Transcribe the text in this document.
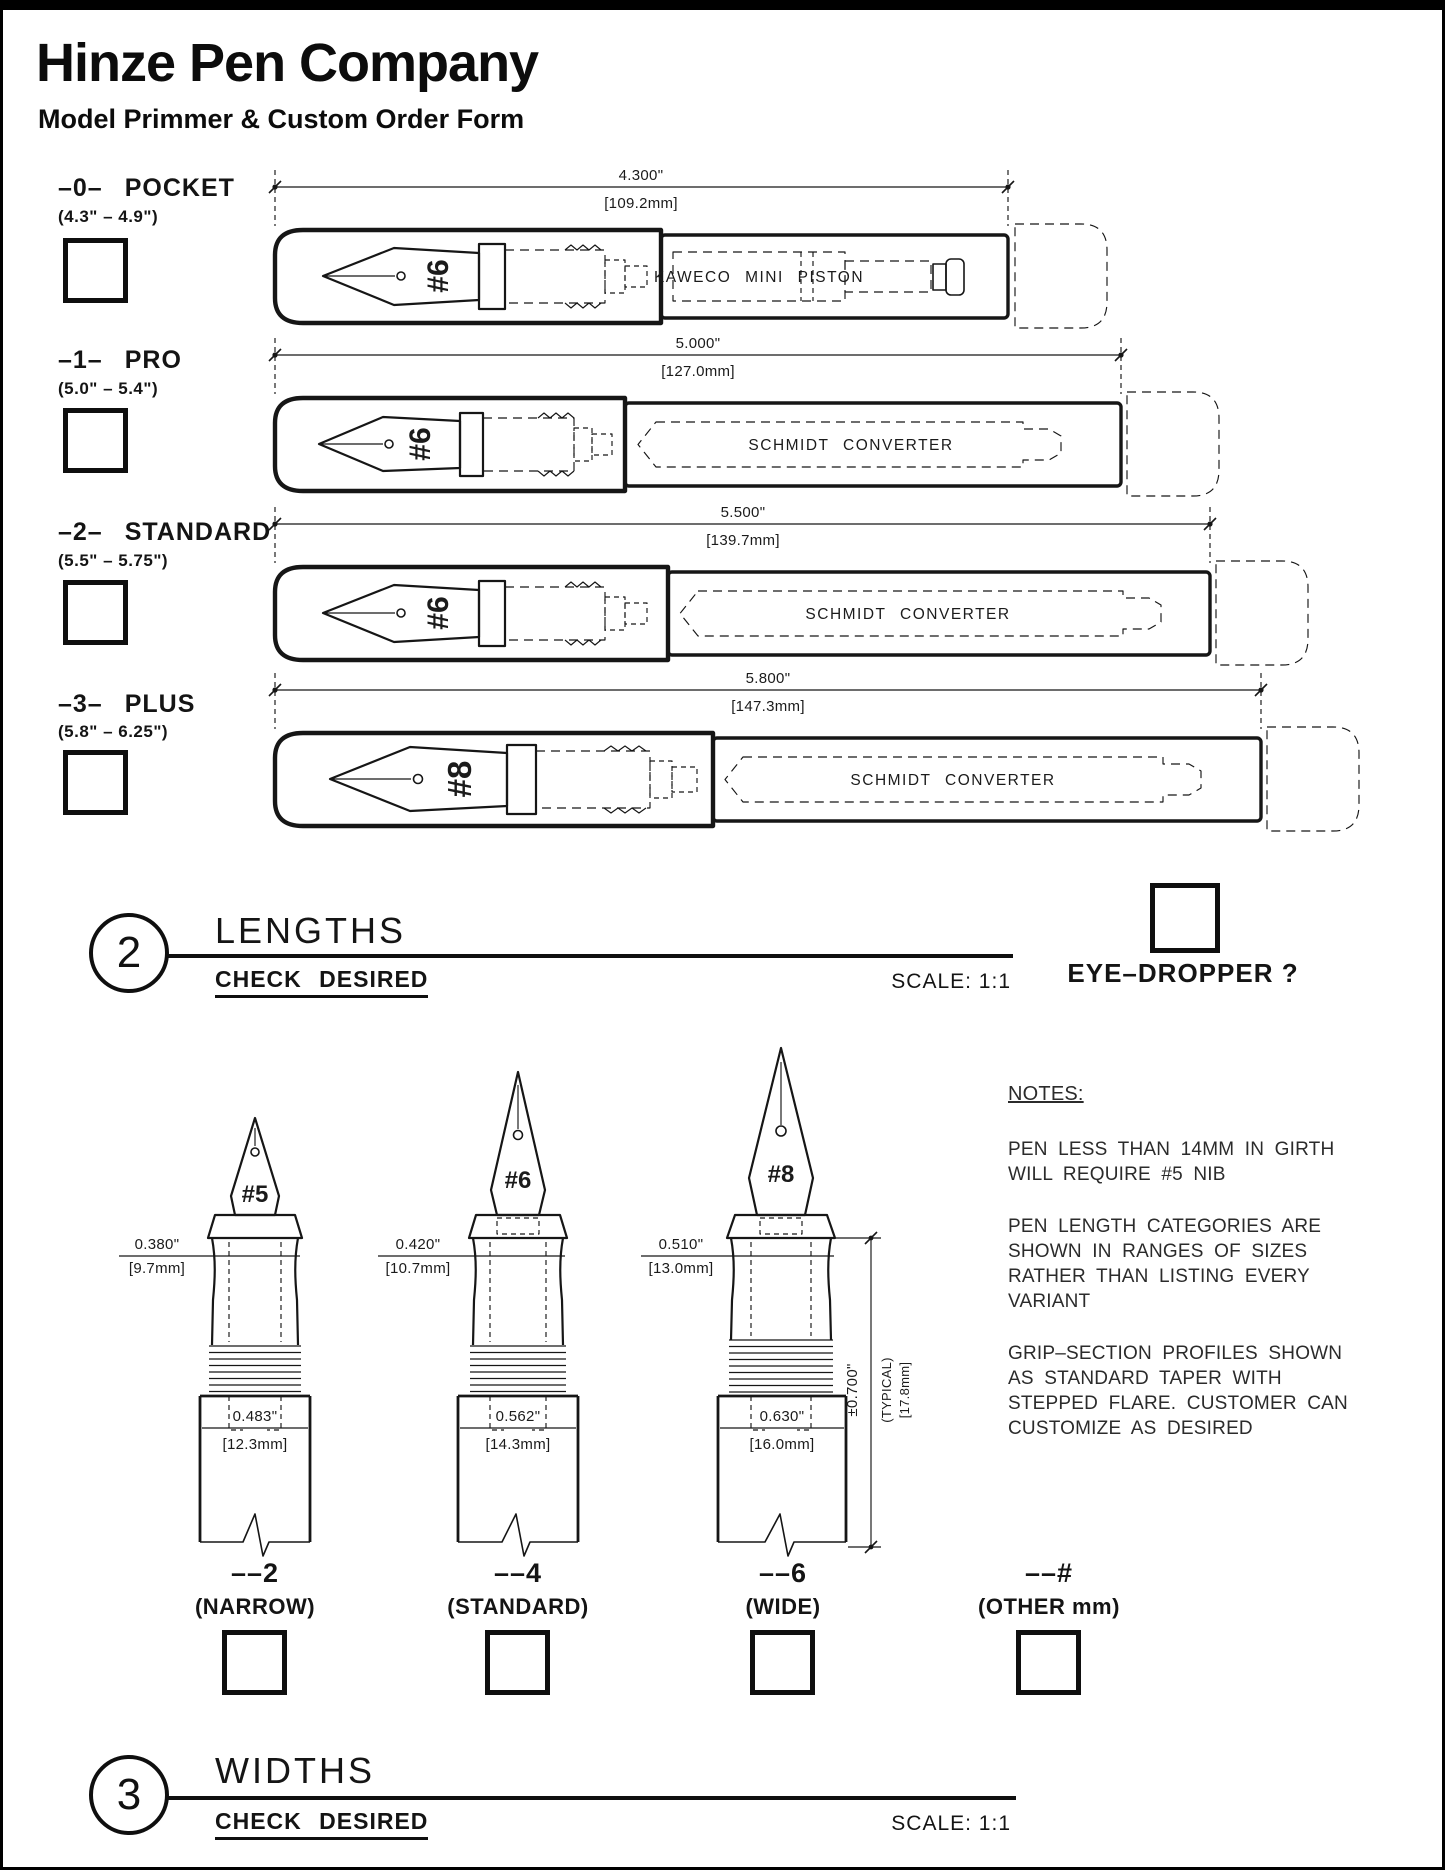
Hinze Pen Company
Model Primmer & Custom Order Form
–0– POCKET
(4.3" – 4.9")
–1– PRO
(5.0" – 5.4")
–2– STANDARD
(5.5" – 5.75")
–3– PLUS
(5.8" – 6.25")
4.300"
[109.2mm]
#6	KAWECO MINI PISTON
5.000"
[127.0mm]
#6	SCHMIDT CONVERTER
5.500"
[139.7mm]
#6	SCHMIDT CONVERTER
5.800"
[147.3mm]
#8	SCHMIDT CONVERTER
2 LENGTHS
CHECK DESIRED	SCALE: 1:1	EYE–DROPPER ?
#5
0.380"
[9.7mm]
0.483"
[12.3mm]
#6
0.420"
[10.7mm]
0.562"
[14.3mm]
#8
0.510"
[13.0mm]
0.630"
[16.0mm]
±0.700" (TYPICAL) [17.8mm]
––2
(NARROW)
––4
(STANDARD)
––6
(WIDE)
––#
(OTHER mm)
NOTES:

PEN LESS THAN 14MM IN GIRTH WILL REQUIRE #5 NIB

PEN LENGTH CATEGORIES ARE SHOWN IN RANGES OF SIZES RATHER THAN LISTING EVERY VARIANT

GRIP–SECTION PROFILES SHOWN AS STANDARD TAPER WITH STEPPED FLARE. CUSTOMER CAN CUSTOMIZE AS DESIRED

3 WIDTHS
CHECK DESIRED	SCALE: 1:1
